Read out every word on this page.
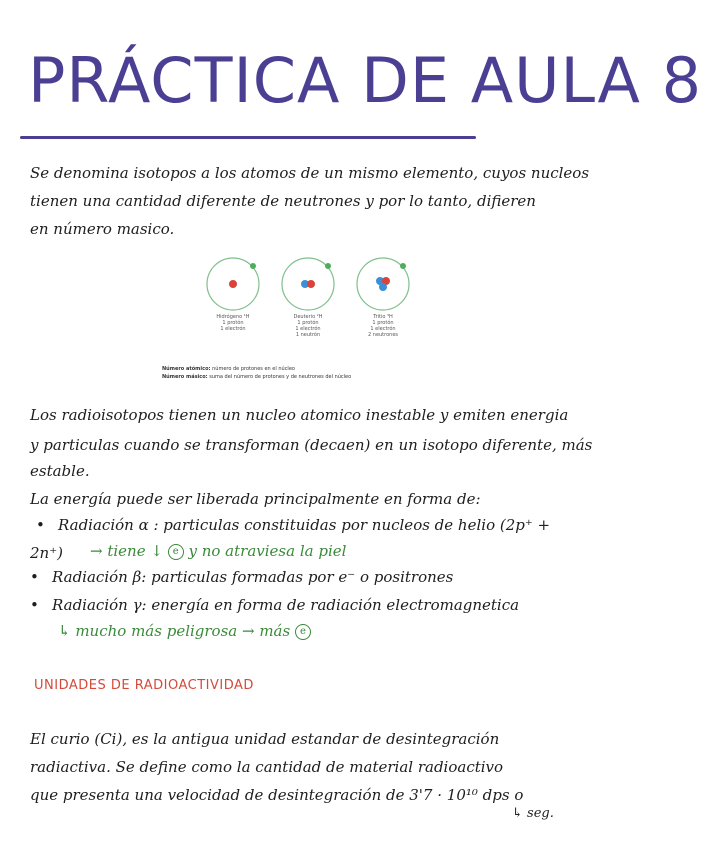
PRÁCTICA DE AULA 8
Se denomina isotopos a los atomos de un mismo elemento, cuyos nucleos
tienen una cantidad diferente de neutrones y por lo tanto, difieren
en número masico.
Hidrógeno ¹H
1 protón
1 electrón
Deuterio ²H
1 protón
1 electrón
1 neutrón
Tritio ³H
1 protón
1 electrón
2 neutrones
Número atómico: número de protones en el núcleo
Número másico: suma del número de protones y de neutrones del núcleo
Los radioisotopos tienen un nucleo atomico inestable y emiten energia
y particulas cuando se transforman (decaen) en un isotopo diferente, más
estable.
La energía puede ser liberada principalmente en forma de:
• Radiación α : particulas constituidas por nucleos de helio (2p⁺ +
2n⁺) → tiene ↓ e y no atraviesa la piel
• Radiación β: particulas formadas por e⁻ o positrones
• Radiación γ: energía en forma de radiación electromagnetica
↳ mucho más peligrosa → más e
UNIDADES DE RADIOACTIVIDAD
El curio (Ci), es la antigua unidad estandar de desintegración
radiactiva. Se define como la cantidad de material radioactivo
que presenta una velocidad de desintegración de 3'7 · 10¹⁰ dps o
↳ seg.
